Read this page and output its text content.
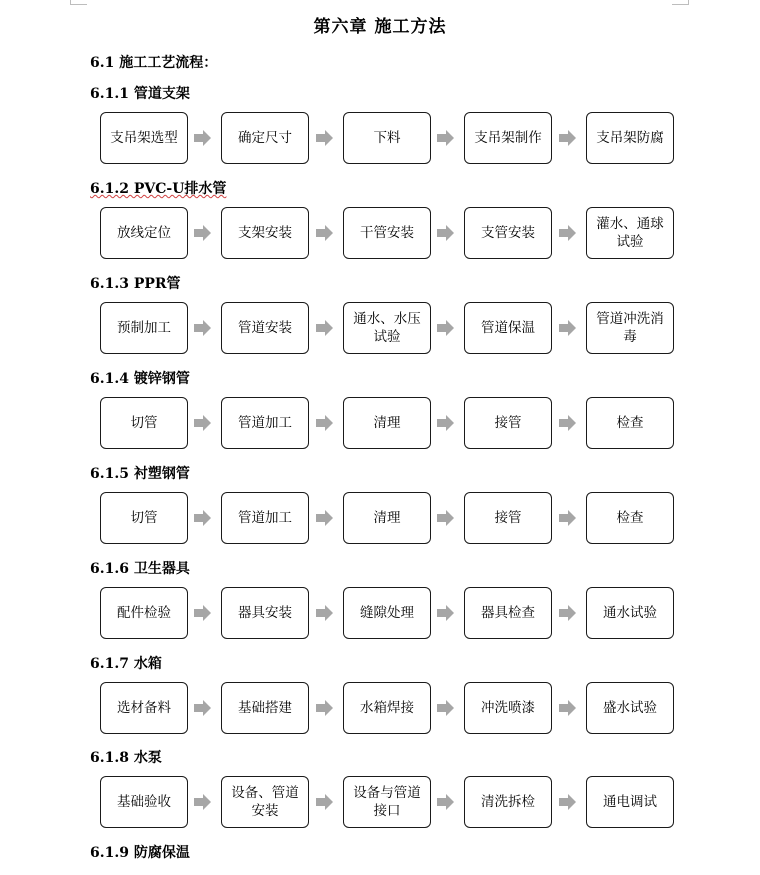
第六章 施工方法
6.1 施工工艺流程：
6.1.1 管道支架
支吊架选型	确定尺寸	下料	支吊架制作	支吊架防腐
6.1.2 PVC-U排水管
放线定位	支架安装	干管安装	支管安装
灌水、通球试验
6.1.3 PPR管
预制加工	管道安装
通水、水压试验
管道保温
管道冲洗消毒
6.1.4 镀锌钢管
切管	管道加工	清理	接管	检查
6.1.5 衬塑钢管
切管	管道加工	清理	接管	检查
6.1.6 卫生器具
配件检验	器具安装	缝隙处理	器具检查	通水试验
6.1.7 水箱
选材备料	基础搭建	水箱焊接	冲洗喷漆	盛水试验
6.1.8 水泵
基础验收
设备、管道安装
设备与管道接口
清洗拆检	通电调试
6.1.9 防腐保温
